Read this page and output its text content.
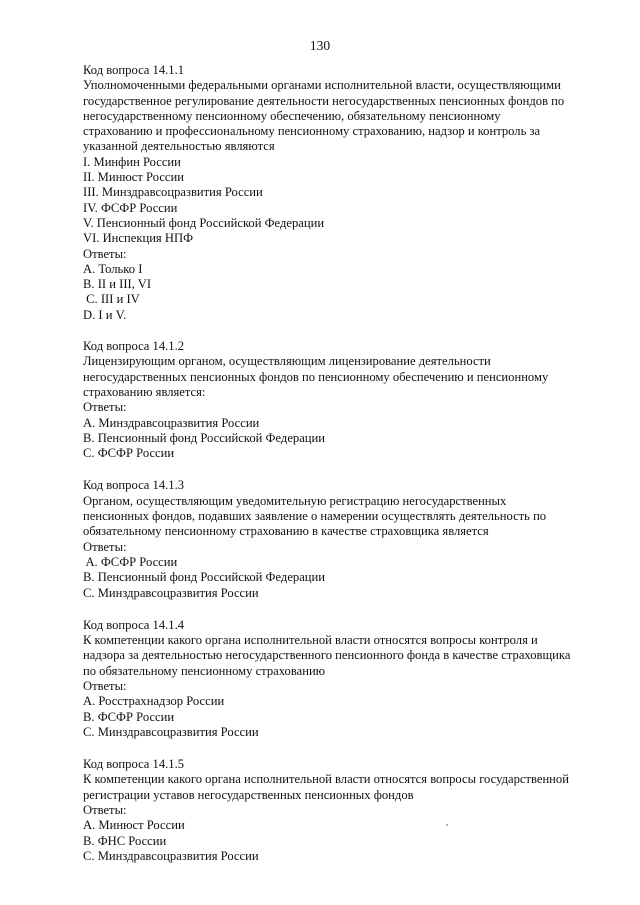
130
Код вопроса 14.1.1
Уполномоченными федеральными органами исполнительной власти, осуществляющими
государственное регулирование деятельности негосударственных пенсионных фондов по
негосударственному пенсионному обеспечению, обязательному пенсионному
страхованию и профессиональному пенсионному страхованию, надзор и контроль за
указанной деятельностью являются
I. Минфин России
II. Минюст России
III. Минздравсоцразвития России
IV. ФСФР России
V. Пенсионный фонд Российской Федерации
VI. Инспекция НПФ
Ответы:
A. Только I
B. II и III, VI
C. III и IV
D. I и V.
Код вопроса 14.1.2
Лицензирующим органом, осуществляющим лицензирование деятельности
негосударственных пенсионных фондов по пенсионному обеспечению и пенсионному
страхованию является:
Ответы:
A. Минздравсоцразвития России
B. Пенсионный фонд Российской Федерации
C. ФСФР России
Код вопроса 14.1.3
Органом, осуществляющим уведомительную регистрацию негосударственных
пенсионных фондов, подавших заявление о намерении осуществлять деятельность по
обязательному пенсионному страхованию в качестве страховщика является
Ответы:
A. ФСФР России
B. Пенсионный фонд Российской Федерации
C. Минздравсоцразвития России
Код вопроса 14.1.4
К компетенции какого органа исполнительной власти относятся вопросы контроля и
надзора за деятельностью негосударственного пенсионного фонда в качестве страховщика
по обязательному пенсионному страхованию
Ответы:
A. Росстрахнадзор России
B. ФСФР России
C. Минздравсоцразвития России
Код вопроса 14.1.5
К компетенции какого органа исполнительной власти относятся вопросы государственной
регистрации уставов негосударственных пенсионных фондов
Ответы:
A. Минюст России
B. ФНС России
C. Минздравсоцразвития России
